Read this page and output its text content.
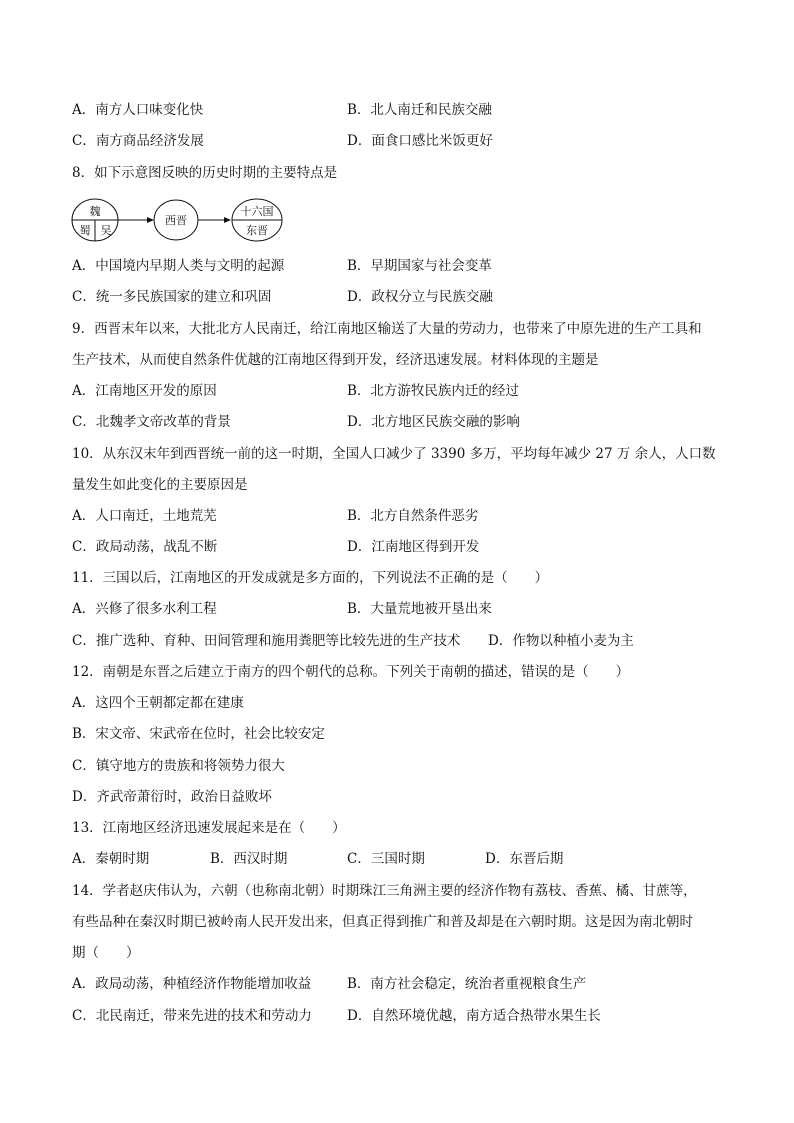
A．南方人口味变化快	B．北人南迁和民族交融
C．南方商品经济发展	D．面食口感比米饭更好
8．如下示意图反映的历史时期的主要特点是
魏
蜀 吴
西晋
十六国
东晋
A．中国境内早期人类与文明的起源	B．早期国家与社会变革
C．统一多民族国家的建立和巩固	D．政权分立与民族交融
9．西晋末年以来，大批北方人民南迁，给江南地区输送了大量的劳动力，也带来了中原先进的生产工具和
生产技术，从而使自然条件优越的江南地区得到开发，经济迅速发展。材料体现的主题是
A．江南地区开发的原因	B．北方游牧民族内迁的经过
C．北魏孝文帝改革的背景	D．北方地区民族交融的影响
10．从东汉末年到西晋统一前的这一时期，全国人口减少了 3390 多万，平均每年减少 27 万 余人，人口数
量发生如此变化的主要原因是
A．人口南迁，土地荒芜	B．北方自然条件恶劣
C．政局动荡，战乱不断	D．江南地区得到开发
11．三国以后，江南地区的开发成就是多方面的，下列说法不正确的是（　　）
A．兴修了很多水利工程	B．大量荒地被开垦出来
C．推广选种、育种、田间管理和施用粪肥等比较先进的生产技术 D．作物以种植小麦为主
12．南朝是东晋之后建立于南方的四个朝代的总称。下列关于南朝的描述，错误的是（　　）
A．这四个王朝都定都在建康
B．宋文帝、宋武帝在位时，社会比较安定
C．镇守地方的贵族和将领势力很大
D．齐武帝萧衍时，政治日益败坏
13．江南地区经济迅速发展起来是在（　　）
A．秦朝时期	B．西汉时期	C．三国时期	D．东晋后期
14．学者赵庆伟认为，六朝（也称南北朝）时期珠江三角洲主要的经济作物有荔枝、香蕉、橘、甘蔗等，
有些品种在秦汉时期已被岭南人民开发出来，但真正得到推广和普及却是在六朝时期。这是因为南北朝时
期（　　）
A．政局动荡，种植经济作物能增加收益	B．南方社会稳定，统治者重视粮食生产
C．北民南迁，带来先进的技术和劳动力	D．自然环境优越，南方适合热带水果生长
